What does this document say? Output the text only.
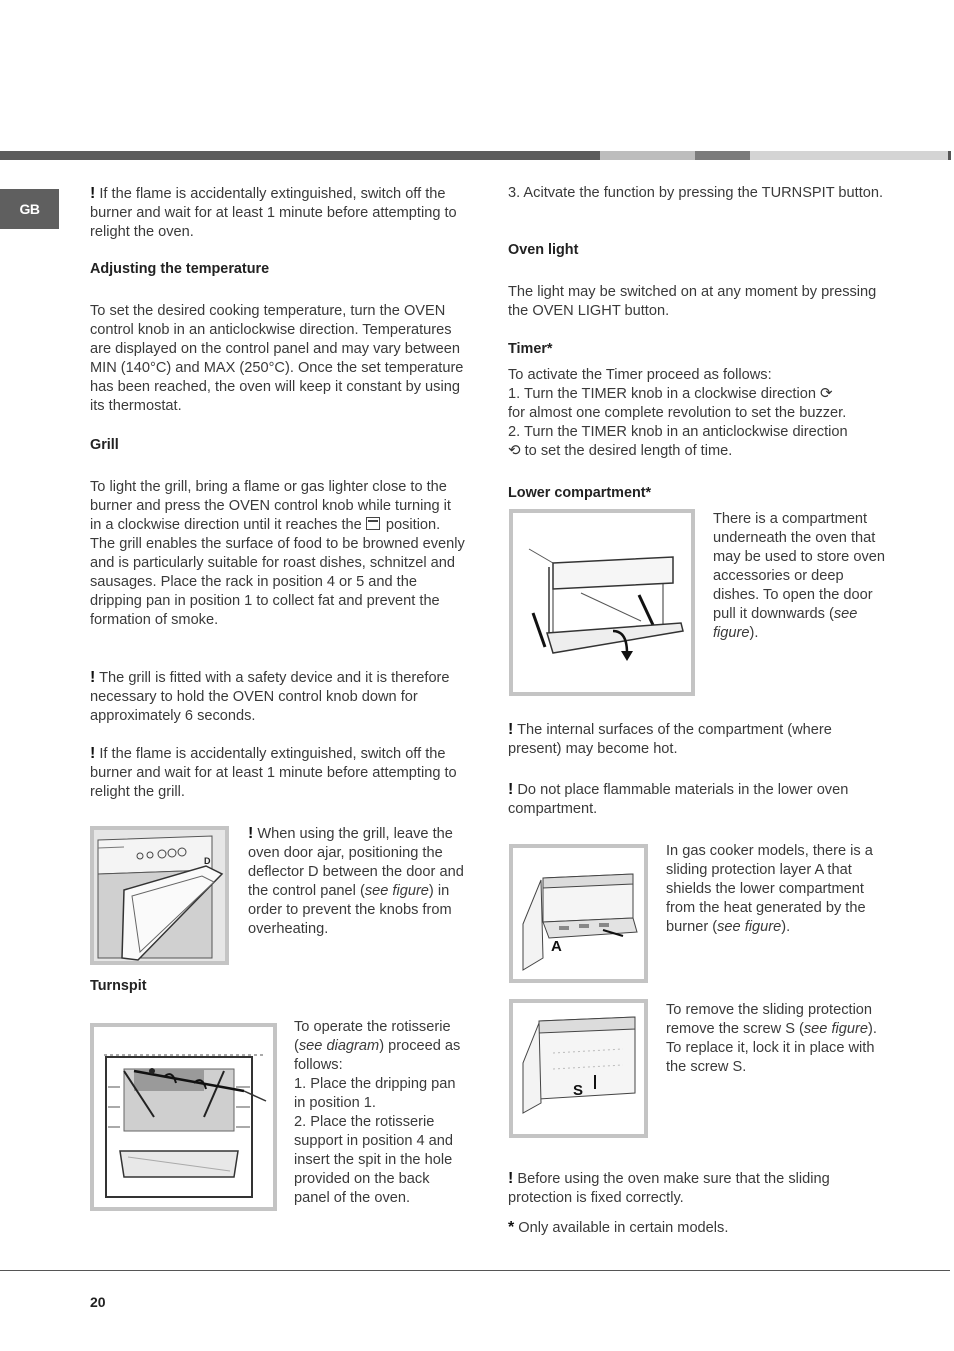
GB

! If the flame is accidentally extinguished, switch off the burner and wait for at least 1 minute before attempting to relight the oven.

Adjusting the temperature

To set the desired cooking temperature, turn the OVEN control knob in an anticlockwise direction. Temperatures are displayed on the control panel and may vary between MIN (140°C) and MAX (250°C). Once the set temperature has been reached, the oven will keep it constant by using its thermostat.

Grill

To light the grill, bring a flame or gas lighter close to the burner and press the OVEN control knob while turning it in a clockwise direction until it reaches the  position. The grill enables the surface of food to be browned evenly and is particularly suitable for roast dishes, schnitzel and sausages. Place the rack in position 4 or 5 and the dripping pan in position 1 to collect fat and prevent the formation of smoke.

! The grill is fitted with a safety device and it is therefore necessary to hold the OVEN control knob down for approximately 6 seconds.

! If the flame is accidentally extinguished, switch off the burner and wait for at least 1 minute before attempting to relight the grill.

D

! When using the grill, leave the oven door ajar, positioning the deflector D between the door and the control panel (see figure) in order to prevent the knobs from overheating.

Turnspit

To operate the rotisserie (see diagram) proceed as follows:

1. Place the dripping pan in position 1.

2. Place the rotisserie support in position 4 and insert the spit in the hole provided on the back panel of the oven.

3. Acitvate the function by pressing the TURNSPIT button.

Oven light

The light may be switched on at any moment by pressing the OVEN LIGHT button.

Timer*

To activate the Timer proceed as follows:

1. Turn the TIMER knob in a clockwise direction ⟳

for almost one complete revolution to set the buzzer.

2. Turn the TIMER knob in an anticlockwise direction

⟲ to set the desired length of time.

Lower compartment*

There is a compartment underneath the oven that may be used to store oven accessories or deep dishes. To open the door pull it downwards (see figure).

! The internal surfaces of the compartment (where present) may become hot.

! Do not place flammable materials in the lower oven compartment.

A

In gas cooker models, there is a sliding protection layer A that shields the lower compartment from the heat generated by the burner (see figure).

S

To remove the sliding protection remove the screw S (see figure). To replace it, lock it in place with the screw S.

! Before using the oven make sure that the sliding protection is fixed correctly.

* Only available in certain models.

20
